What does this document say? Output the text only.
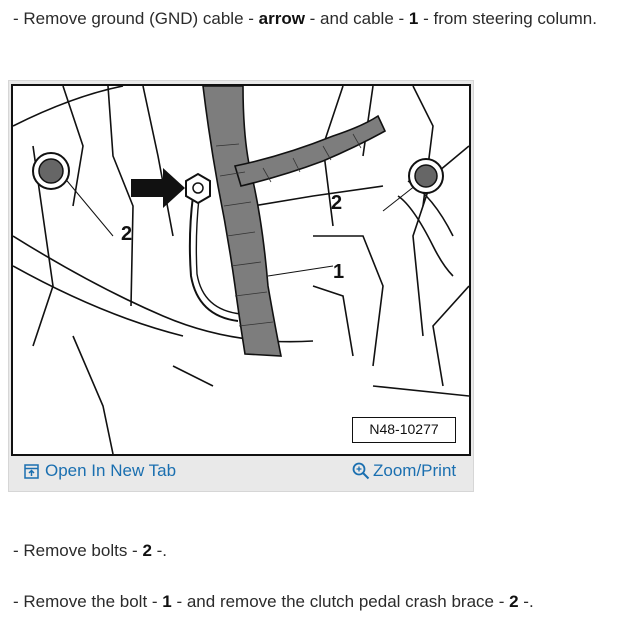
- Remove ground (GND) cable - arrow - and cable - 1 - from steering column.
2
2
1
N48-10277
Open In New Tab	Zoom/Print
- Remove bolts - 2 -.
- Remove the bolt - 1 - and remove the clutch pedal crash brace - 2 -.
